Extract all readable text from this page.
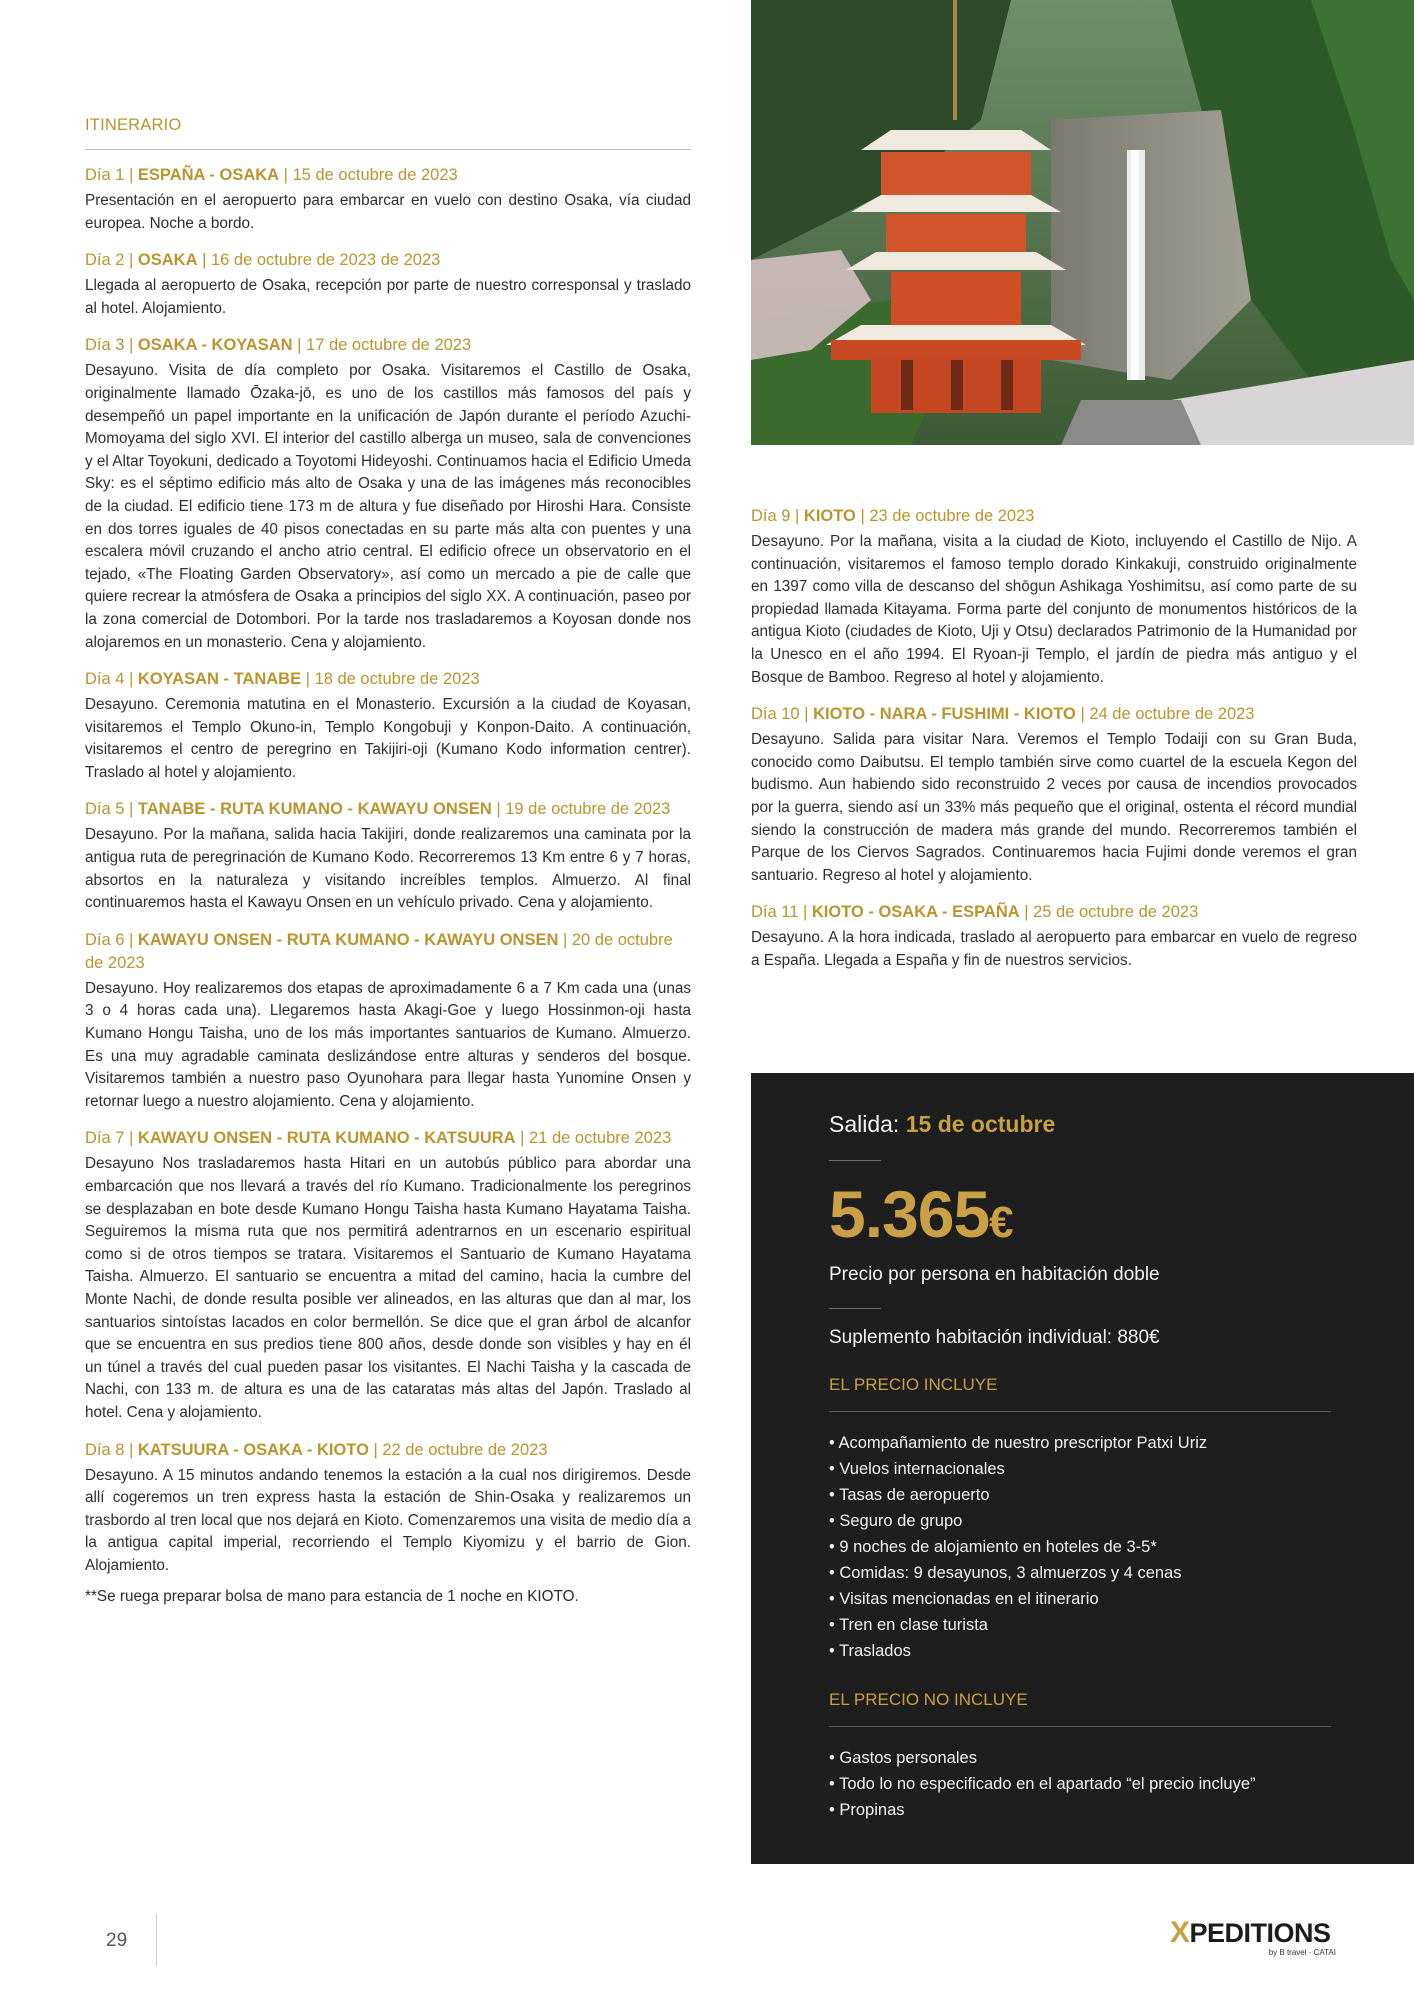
ITINERARIO
Día 1 | ESPAÑA - OSAKA | 15 de octubre de 2023
Presentación en el aeropuerto para embarcar en vuelo con destino Osaka, vía ciudad europea. Noche a bordo.
Día 2 | OSAKA | 16 de octubre de 2023 de 2023
Llegada al aeropuerto de Osaka, recepción por parte de nuestro corresponsal y traslado al hotel. Alojamiento.
Día 3 | OSAKA - KOYASAN | 17 de octubre de 2023
Desayuno. Visita de día completo por Osaka. Visitaremos el Castillo de Osaka, originalmente llamado Ōzaka-jō, es uno de los castillos más famosos del país y desempeñó un papel importante en la unificación de Japón durante el período Azuchi-Momoyama del siglo XVI. El interior del castillo alberga un museo, sala de convenciones y el Altar Toyokuni, dedicado a Toyotomi Hideyoshi. Continuamos hacia el Edificio Umeda Sky: es el séptimo edificio más alto de Osaka y una de las imágenes más reconocibles de la ciudad. El edificio tiene 173 m de altura y fue diseñado por Hiroshi Hara. Consiste en dos torres iguales de 40 pisos conectadas en su parte más alta con puentes y una escalera móvil cruzando el ancho atrio central. El edificio ofrece un observatorio en el tejado, «The Floating Garden Observatory», así como un mercado a pie de calle que quiere recrear la atmósfera de Osaka a principios del siglo XX. A continuación, paseo por la zona comercial de Dotombori. Por la tarde nos trasladaremos a Koyosan donde nos alojaremos en un monasterio. Cena y alojamiento.
Día 4 | KOYASAN - TANABE | 18 de octubre de 2023
Desayuno. Ceremonia matutina en el Monasterio. Excursión a la ciudad de Koyasan, visitaremos el Templo Okuno-in, Templo Kongobuji y Konpon-Daito. A continuación, visitaremos el centro de peregrino en Takijiri-oji (Kumano Kodo information centrer). Traslado al hotel y alojamiento.
Día 5 | TANABE - RUTA KUMANO - KAWAYU ONSEN | 19 de octubre de 2023
Desayuno. Por la mañana, salida hacia Takijiri, donde realizaremos una caminata por la antigua ruta de peregrinación de Kumano Kodo. Recorreremos 13 Km entre 6 y 7 horas, absortos en la naturaleza y visitando increíbles templos. Almuerzo. Al final continuaremos hasta el Kawayu Onsen en un vehículo privado. Cena y alojamiento.
Día 6 | KAWAYU ONSEN - RUTA KUMANO - KAWAYU ONSEN | 20 de octubre de 2023
Desayuno. Hoy realizaremos dos etapas de aproximadamente 6 a 7 Km cada una (unas 3 o 4 horas cada una). Llegaremos hasta Akagi-Goe y luego Hossinmon-oji hasta Kumano Hongu Taisha, uno de los más importantes santuarios de Kumano. Almuerzo. Es una muy agradable caminata deslizándose entre alturas y senderos del bosque. Visitaremos también a nuestro paso Oyunohara para llegar hasta Yunomine Onsen y retornar luego a nuestro alojamiento. Cena y alojamiento.
Día 7 | KAWAYU ONSEN - RUTA KUMANO - KATSUURA | 21 de octubre 2023
Desayuno Nos trasladaremos hasta Hitari en un autobús público para abordar una embarcación que nos llevará a través del río Kumano. Tradicionalmente los peregrinos se desplazaban en bote desde Kumano Hongu Taisha hasta Kumano Hayatama Taisha. Seguiremos la misma ruta que nos permitirá adentrarnos en un escenario espiritual como si de otros tiempos se tratara. Visitaremos el Santuario de Kumano Hayatama Taisha. Almuerzo. El santuario se encuentra a mitad del camino, hacia la cumbre del Monte Nachi, de donde resulta posible ver alineados, en las alturas que dan al mar, los santuarios sintoístas lacados en color bermellón. Se dice que el gran árbol de alcanfor que se encuentra en sus predios tiene 800 años, desde donde son visibles y hay en él un túnel a través del cual pueden pasar los visitantes. El Nachi Taisha y la cascada de Nachi, con 133 m. de altura es una de las cataratas más altas del Japón. Traslado al hotel. Cena y alojamiento.
Día 8 | KATSUURA - OSAKA - KIOTO | 22 de octubre de 2023
Desayuno. A 15 minutos andando tenemos la estación a la cual nos dirigiremos. Desde allí cogeremos un tren express hasta la estación de Shin-Osaka y realizaremos un trasbordo al tren local que nos dejará en Kioto. Comenzaremos una visita de medio día a la antigua capital imperial, recorriendo el Templo Kiyomizu y el barrio de Gion. Alojamiento.
**Se ruega preparar bolsa de mano para estancia de 1 noche en KIOTO.
Día 9 | KIOTO | 23 de octubre de 2023
Desayuno. Por la mañana, visita a la ciudad de Kioto, incluyendo el Castillo de Nijo. A continuación, visitaremos el famoso templo dorado Kinkakuji, construido originalmente en 1397 como villa de descanso del shōgun Ashikaga Yoshimitsu, así como parte de su propiedad llamada Kitayama. Forma parte del conjunto de monumentos históricos de la antigua Kioto (ciudades de Kioto, Uji y Otsu) declarados Patrimonio de la Humanidad por la Unesco en el año 1994. El Ryoan-ji Templo, el jardín de piedra más antiguo y el Bosque de Bamboo. Regreso al hotel y alojamiento.
Día 10 | KIOTO - NARA - FUSHIMI - KIOTO | 24 de octubre de 2023
Desayuno. Salida para visitar Nara. Veremos el Templo Todaiji con su Gran Buda, conocido como Daibutsu. El templo también sirve como cuartel de la escuela Kegon del budismo. Aun habiendo sido reconstruido 2 veces por causa de incendios provocados por la guerra, siendo así un 33% más pequeño que el original, ostenta el récord mundial siendo la construcción de madera más grande del mundo. Recorreremos también el Parque de los Ciervos Sagrados. Continuaremos hacia Fujimi donde veremos el gran santuario. Regreso al hotel y alojamiento.
Día 11 | KIOTO - OSAKA - ESPAÑA | 25 de octubre de 2023
Desayuno. A la hora indicada, traslado al aeropuerto para embarcar en vuelo de regreso a España. Llegada a España y fin de nuestros servicios.
Salida: 15 de octubre
5.365€
Precio por persona en habitación doble
Suplemento habitación individual: 880€
EL PRECIO INCLUYE
• Acompañamiento de nuestro prescriptor Patxi Uriz
• Vuelos internacionales
• Tasas de aeropuerto
• Seguro de grupo
• 9 noches de alojamiento en hoteles de 3-5*
• Comidas: 9 desayunos, 3 almuerzos y 4 cenas
• Visitas mencionadas en el itinerario
• Tren en clase turista
• Traslados
EL PRECIO NO INCLUYE
• Gastos personales
• Todo lo no especificado en el apartado “el precio incluye”
• Propinas
29	XPEDITIONS
by B travel · CATAI
